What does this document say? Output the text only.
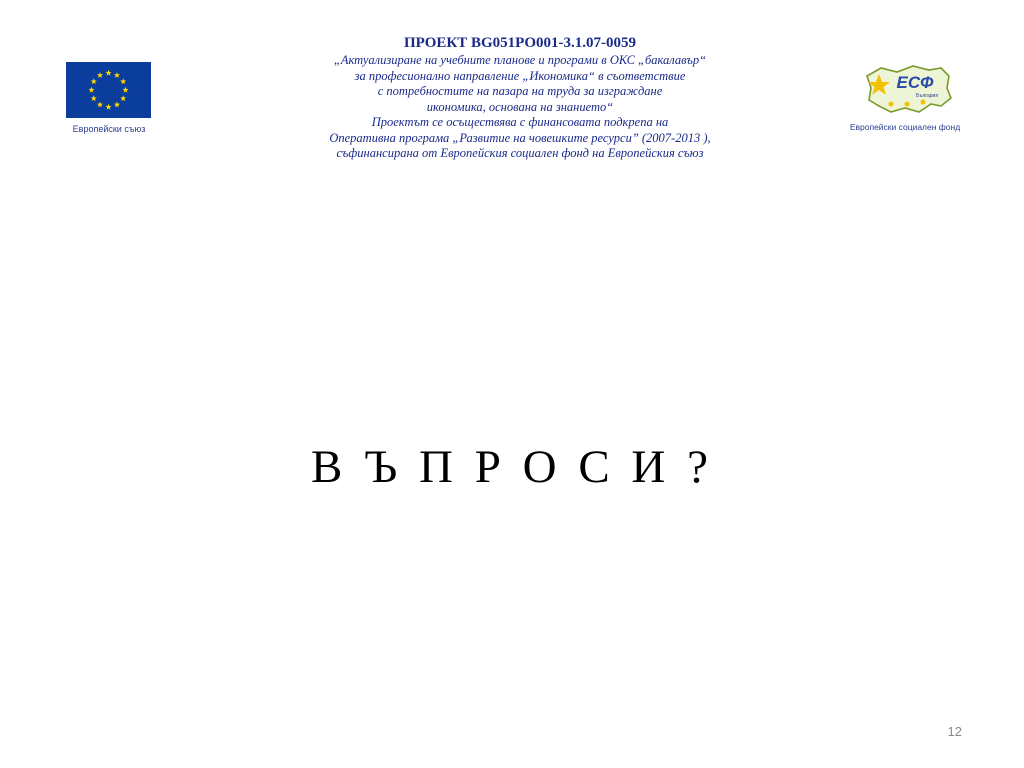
Европейски съюз
ПРОЕКТ BG051PO001-3.1.07-0059
„Актуализиране на учебните планове и програми в ОКС „бакалавър“
за професионално направление „Икономика“ в съответствие
с потребностите на пазара на труда за изграждане
икономика, основана на знанието“
Проектът се осъществява с финансовата подкрепа на
Оперативна програма „Развитие на човешките ресурси” (2007-2013 ),
съфинансирана от Европейския социален фонд на Европейския съюз
ЕСФ
България
Европейски социален фонд
В Ъ П Р О С И ?
12
